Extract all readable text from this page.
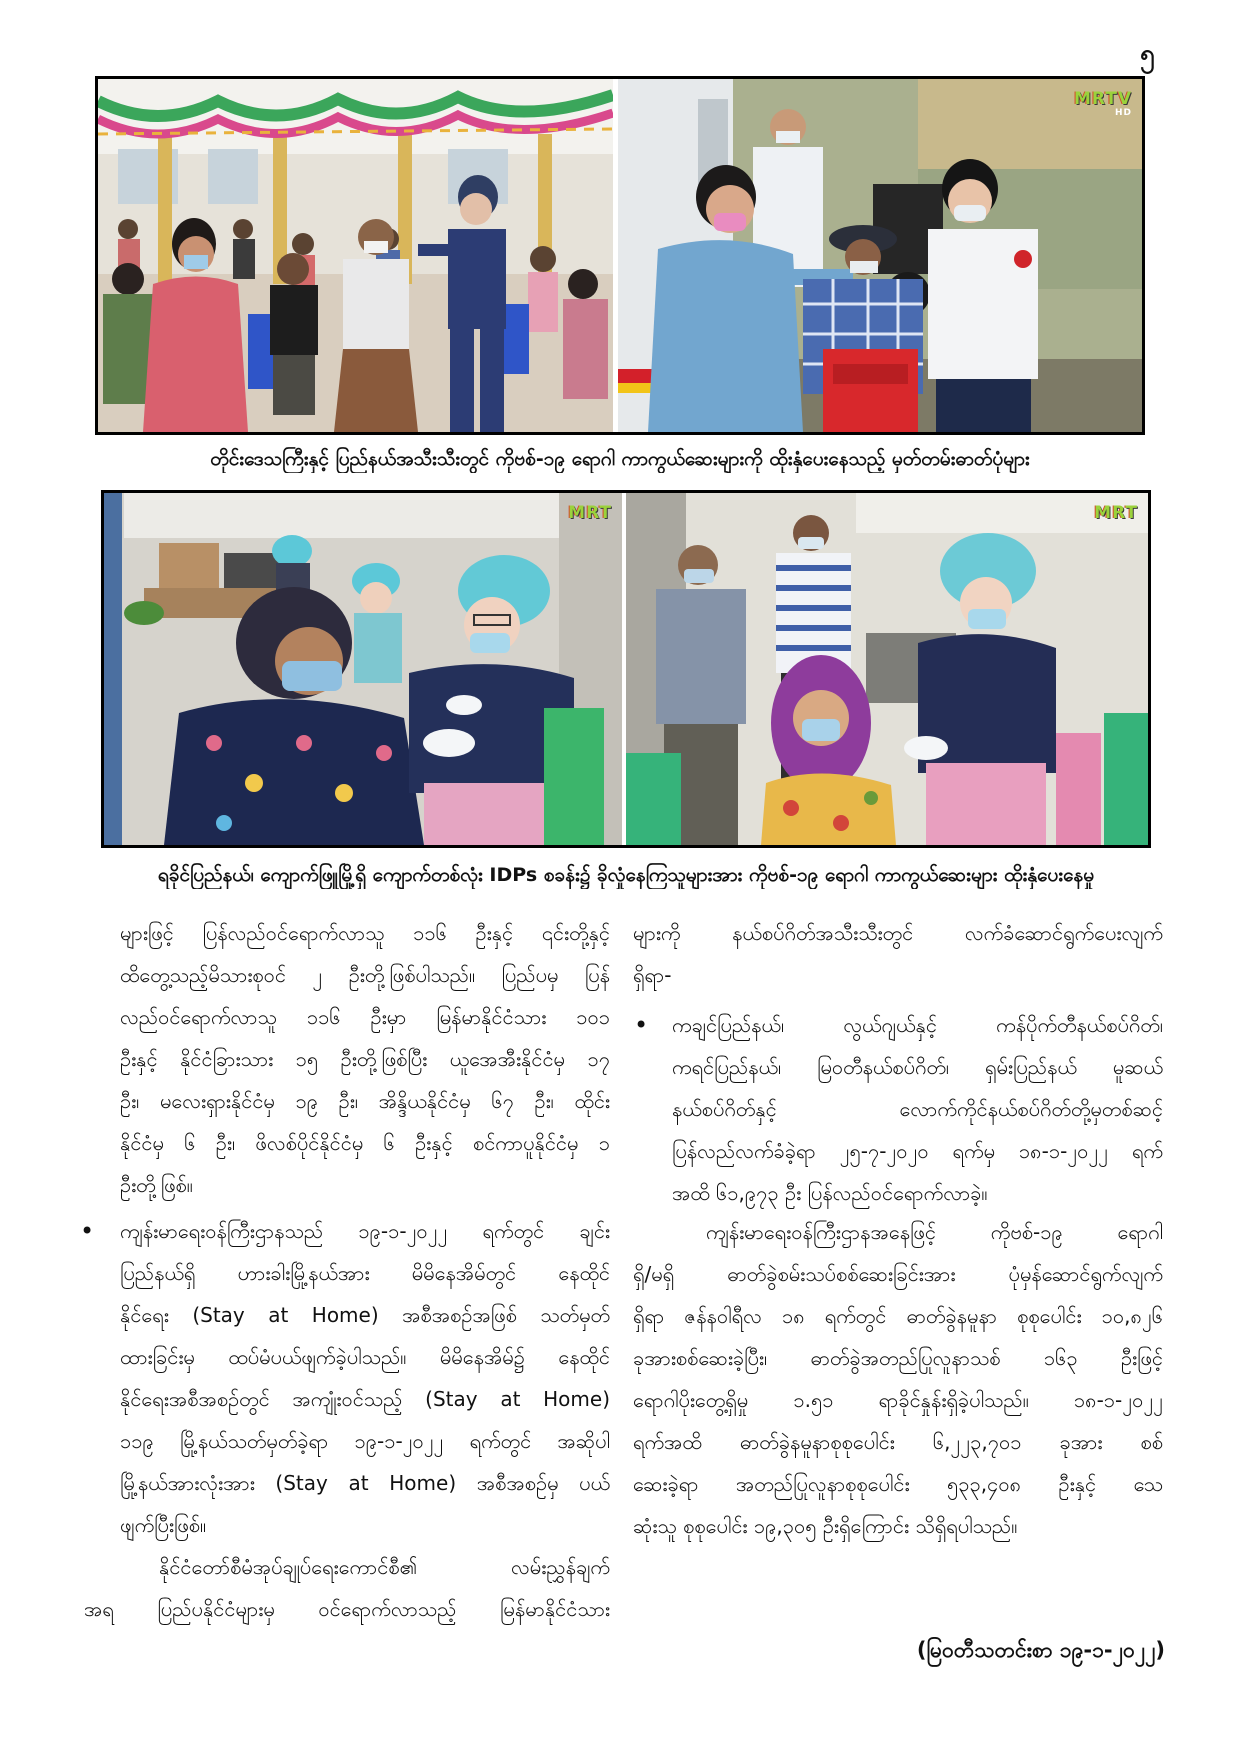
၅
MRTV
HD
တိုင်းဒေသကြီးနှင့် ပြည်နယ်အသီးသီးတွင် ကိုဗစ်-၁၉ ရောဂါ ကာကွယ်ဆေးများကို ထိုးနှံပေးနေသည့် မှတ်တမ်းဓာတ်ပုံများ
MRT	MRT
ရခိုင်ပြည်နယ်၊ ကျောက်ဖြူမြို့ရှိ ကျောက်တစ်လုံး IDPs စခန်း၌ ခိုလှုံနေကြသူများအား ကိုဗစ်-၁၉ ရောဂါ ကာကွယ်ဆေးများ ထိုးနှံပေးနေမှု
များဖြင့် ပြန်လည်ဝင်ရောက်လာသူ ၁၁၆ ဦးနှင့် ၎င်းတို့နှင့်
ထိတွေ့သည့်မိသားစုဝင် ၂ ဦးတို့ဖြစ်ပါသည်။ ပြည်ပမှ ပြန်
လည်ဝင်ရောက်လာသူ ၁၁၆ ဦးမှာ မြန်မာနိုင်ငံသား ၁၀၁
ဦးနှင့် နိုင်ငံခြားသား ၁၅ ဦးတို့ဖြစ်ပြီး ယူအေအီးနိုင်ငံမှ ၁၇
ဦး၊ မလေးရှားနိုင်ငံမှ ၁၉ ဦး၊ အိန္ဒိယနိုင်ငံမှ ၆၇ ဦး၊ ထိုင်း
နိုင်ငံမှ ၆ ဦး၊ ဖိလစ်ပိုင်နိုင်ငံမှ ၆ ဦးနှင့် စင်ကာပူနိုင်ငံမှ ၁
ဦးတို့ဖြစ်။
• ကျန်းမာရေးဝန်ကြီးဌာနသည် ၁၉-၁-၂၀၂၂ ရက်တွင် ချင်း
ပြည်နယ်ရှိ ဟားခါးမြို့နယ်အား မိမိနေအိမ်တွင် နေထိုင်
နိုင်ရေး (Stay at Home) အစီအစဉ်အဖြစ် သတ်မှတ်
ထားခြင်းမှ ထပ်မံပယ်ဖျက်ခဲ့ပါသည်။ မိမိနေအိမ်၌ နေထိုင်
နိုင်ရေးအစီအစဉ်တွင် အကျုံးဝင်သည့် (Stay at Home)
၁၁၉ မြို့နယ်သတ်မှတ်ခဲ့ရာ ၁၉-၁-၂၀၂၂ ရက်တွင် အဆိုပါ
မြို့နယ်အားလုံးအား (Stay at Home) အစီအစဉ်မှ ပယ်
ဖျက်ပြီးဖြစ်။
နိုင်ငံတော်စီမံအုပ်ချုပ်ရေးကောင်စီ၏ လမ်းညွှန်ချက်
အရ ပြည်ပနိုင်ငံများမှ ဝင်ရောက်လာသည့် မြန်မာနိုင်ငံသား
များကို နယ်စပ်ဂိတ်အသီးသီးတွင် လက်ခံဆောင်ရွက်ပေးလျက်
ရှိရာ-
• ကချင်ပြည်နယ်၊ လွယ်ဂျယ်နှင့် ကန်ပိုက်တီနယ်စပ်ဂိတ်၊
ကရင်ပြည်နယ်၊ မြဝတီနယ်စပ်ဂိတ်၊ ရှမ်းပြည်နယ် မူဆယ်
နယ်စပ်ဂိတ်နှင့် လောက်ကိုင်နယ်စပ်ဂိတ်တို့မှတစ်ဆင့်
ပြန်လည်လက်ခံခဲ့ရာ ၂၅-၇-၂၀၂၀ ရက်မှ ၁၈-၁-၂၀၂၂ ရက်
အထိ ၆၁,၉၇၃ ဦး ပြန်လည်ဝင်ရောက်လာခဲ့။
ကျန်းမာရေးဝန်ကြီးဌာနအနေဖြင့် ကိုဗစ်-၁၉ ရောဂါ
ရှိ/မရှိ ဓာတ်ခွဲစမ်းသပ်စစ်ဆေးခြင်းအား ပုံမှန်ဆောင်ရွက်လျက်
ရှိရာ ဇန်နဝါရီလ ၁၈ ရက်တွင် ဓာတ်ခွဲနမူနာ စုစုပေါင်း ၁၀,၈၂၆
ခုအားစစ်ဆေးခဲ့ပြီး၊ ဓာတ်ခွဲအတည်ပြုလူနာသစ် ၁၆၃ ဦးဖြင့်
ရောဂါပိုးတွေ့ရှိမှု ၁.၅၁ ရာခိုင်နှုန်းရှိခဲ့ပါသည်။ ၁၈-၁-၂၀၂၂
ရက်အထိ ဓာတ်ခွဲနမူနာစုစုပေါင်း ၆,၂၂၃,၇၀၁ ခုအား စစ်
ဆေးခဲ့ရာ အတည်ပြုလူနာစုစုပေါင်း ၅၃၃,၄၀၈ ဦးနှင့် သေ
ဆုံးသူ စုစုပေါင်း ၁၉,၃၀၅ ဦးရှိကြောင်း သိရှိရပါသည်။
(မြဝတီသတင်းစာ ၁၉-၁-၂၀၂၂)
